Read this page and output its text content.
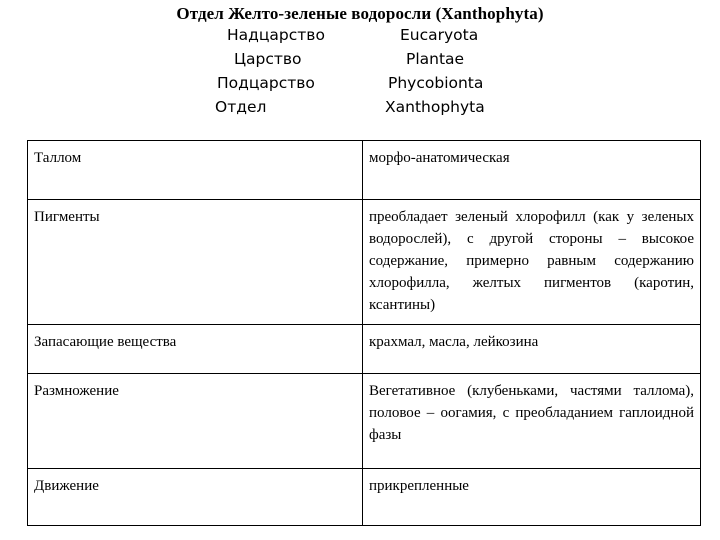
Отдел Желто-зеленые водоросли (Xanthophyta)
Надцарство	Eucaryota
Царство	Plantae
Подцарство	Phycobionta
Отдел	Xanthophyta
Таллом	морфо-анатомическая
Пигменты	преобладает зеленый хлорофилл (как у зеленых водорослей), с другой стороны – высокое содержание, примерно равным содержанию хлорофилла, желтых пигментов (каротин, ксантины)
Запасающие вещества	крахмал, масла, лейкозина
Размножение	Вегетативное (клубеньками, частями таллома), половое – оогамия, с преобладанием гаплоидной фазы
Движение	прикрепленные
